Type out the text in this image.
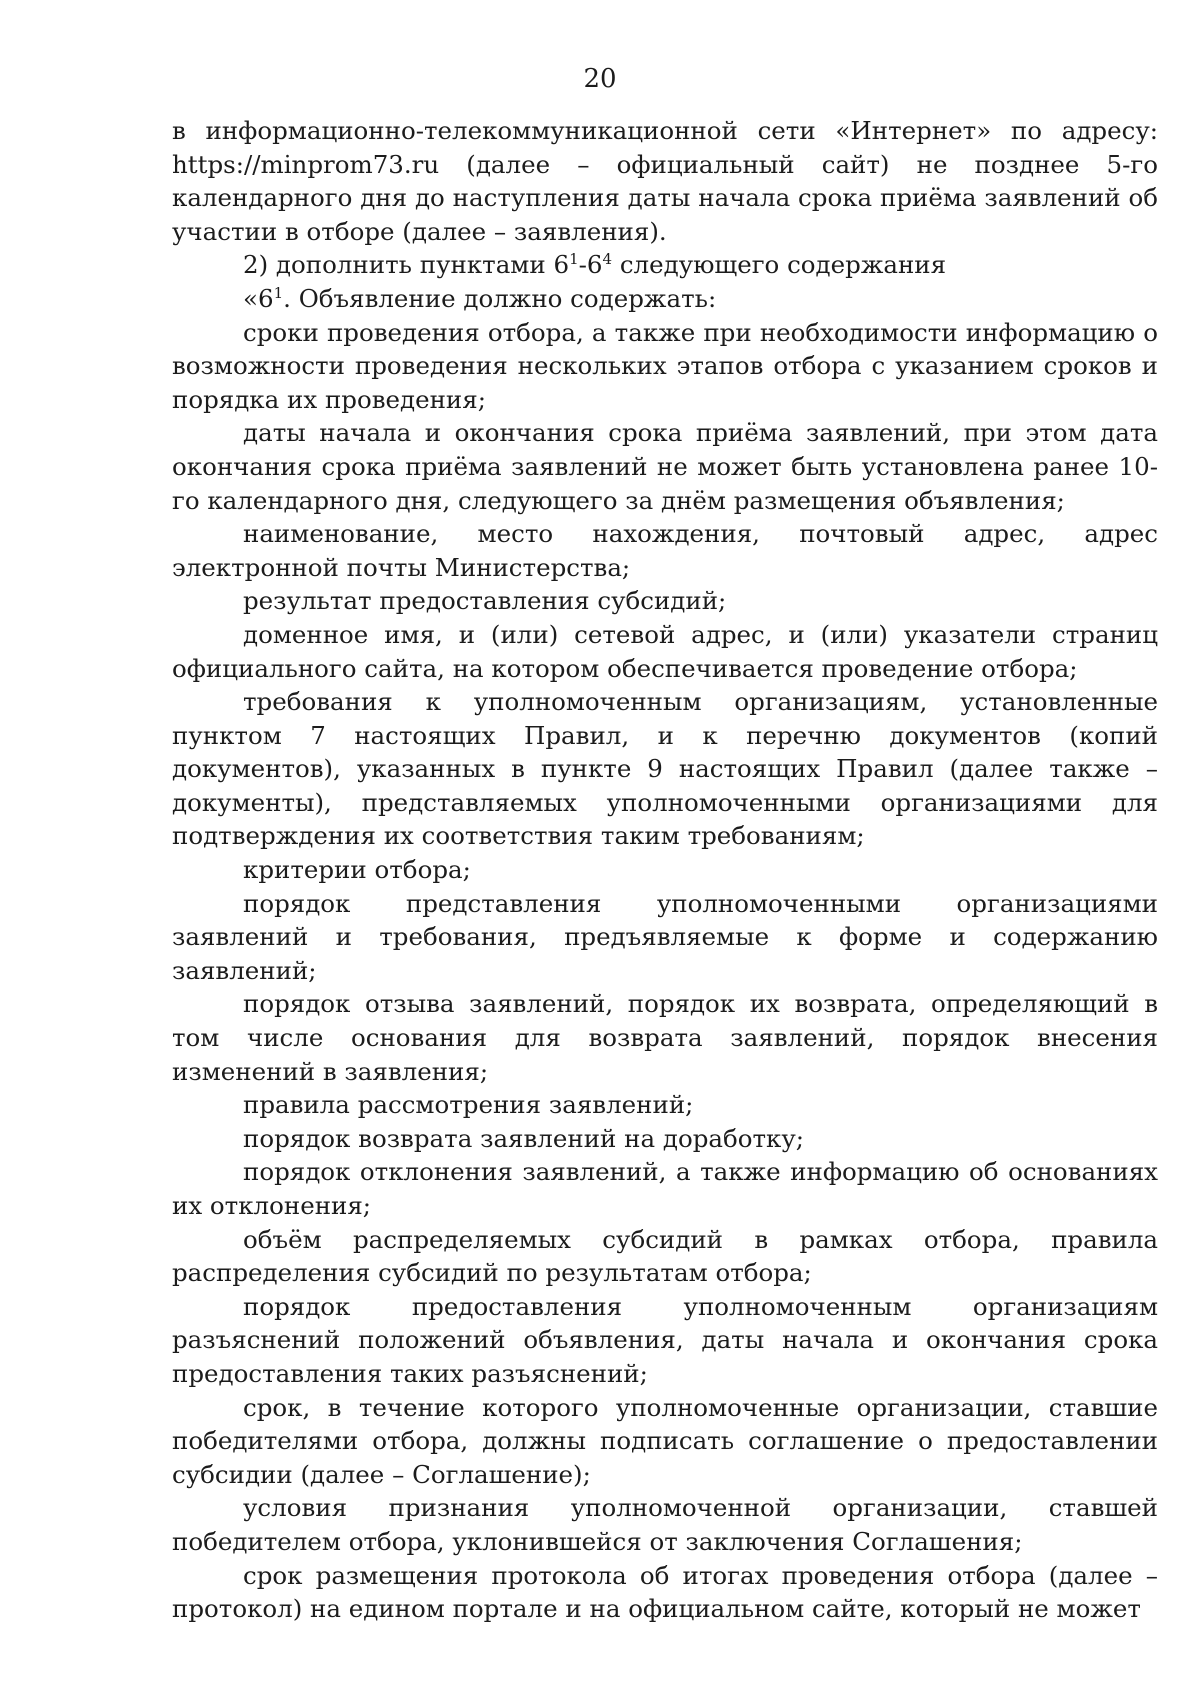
20

в информационно-телекоммуникационной сети «Интернет» по адресу: https://minprom73.ru (далее – официальный сайт) не позднее 5-го календарного дня до наступления даты начала срока приёма заявлений об участии в отборе (далее – заявления).

2) дополнить пунктами $6^1-6^4$ следующего содержания

«$6^1$. Объявление должно содержать:

сроки проведения отбора, а также при необходимости информацию о возможности проведения нескольких этапов отбора с указанием сроков и порядка их проведения;

даты начала и окончания срока приёма заявлений, при этом дата окончания срока приёма заявлений не может быть установлена ранее 10-го календарного дня, следующего за днём размещения объявления;

наименование, место нахождения, почтовый адрес, адрес электронной почты Министерства;

результат предоставления субсидий;

доменное имя, и (или) сетевой адрес, и (или) указатели страниц официального сайта, на котором обеспечивается проведение отбора;

требования к уполномоченным организациям, установленные пунктом 7 настоящих Правил, и к перечню документов (копий документов), указанных в пункте 9 настоящих Правил (далее также – документы), представляемых уполномоченными организациями для подтверждения их соответствия таким требованиям;

критерии отбора;

порядок представления уполномоченными организациями заявлений и требования, предъявляемые к форме и содержанию заявлений;

порядок отзыва заявлений, порядок их возврата, определяющий в том числе основания для возврата заявлений, порядок внесения изменений в заявления;

правила рассмотрения заявлений;

порядок возврата заявлений на доработку;

порядок отклонения заявлений, а также информацию об основаниях их отклонения;

объём распределяемых субсидий в рамках отбора, правила распределения субсидий по результатам отбора;

порядок предоставления уполномоченным организациям разъяснений положений объявления, даты начала и окончания срока предоставления таких разъяснений;

срок, в течение которого уполномоченные организации, ставшие победителями отбора, должны подписать соглашение о предоставлении субсидии (далее – Соглашение);

условия признания уполномоченной организации, ставшей победителем отбора, уклонившейся от заключения Соглашения;

срок размещения протокола об итогах проведения отбора (далее – протокол) на едином портале и на официальном сайте, который не может
